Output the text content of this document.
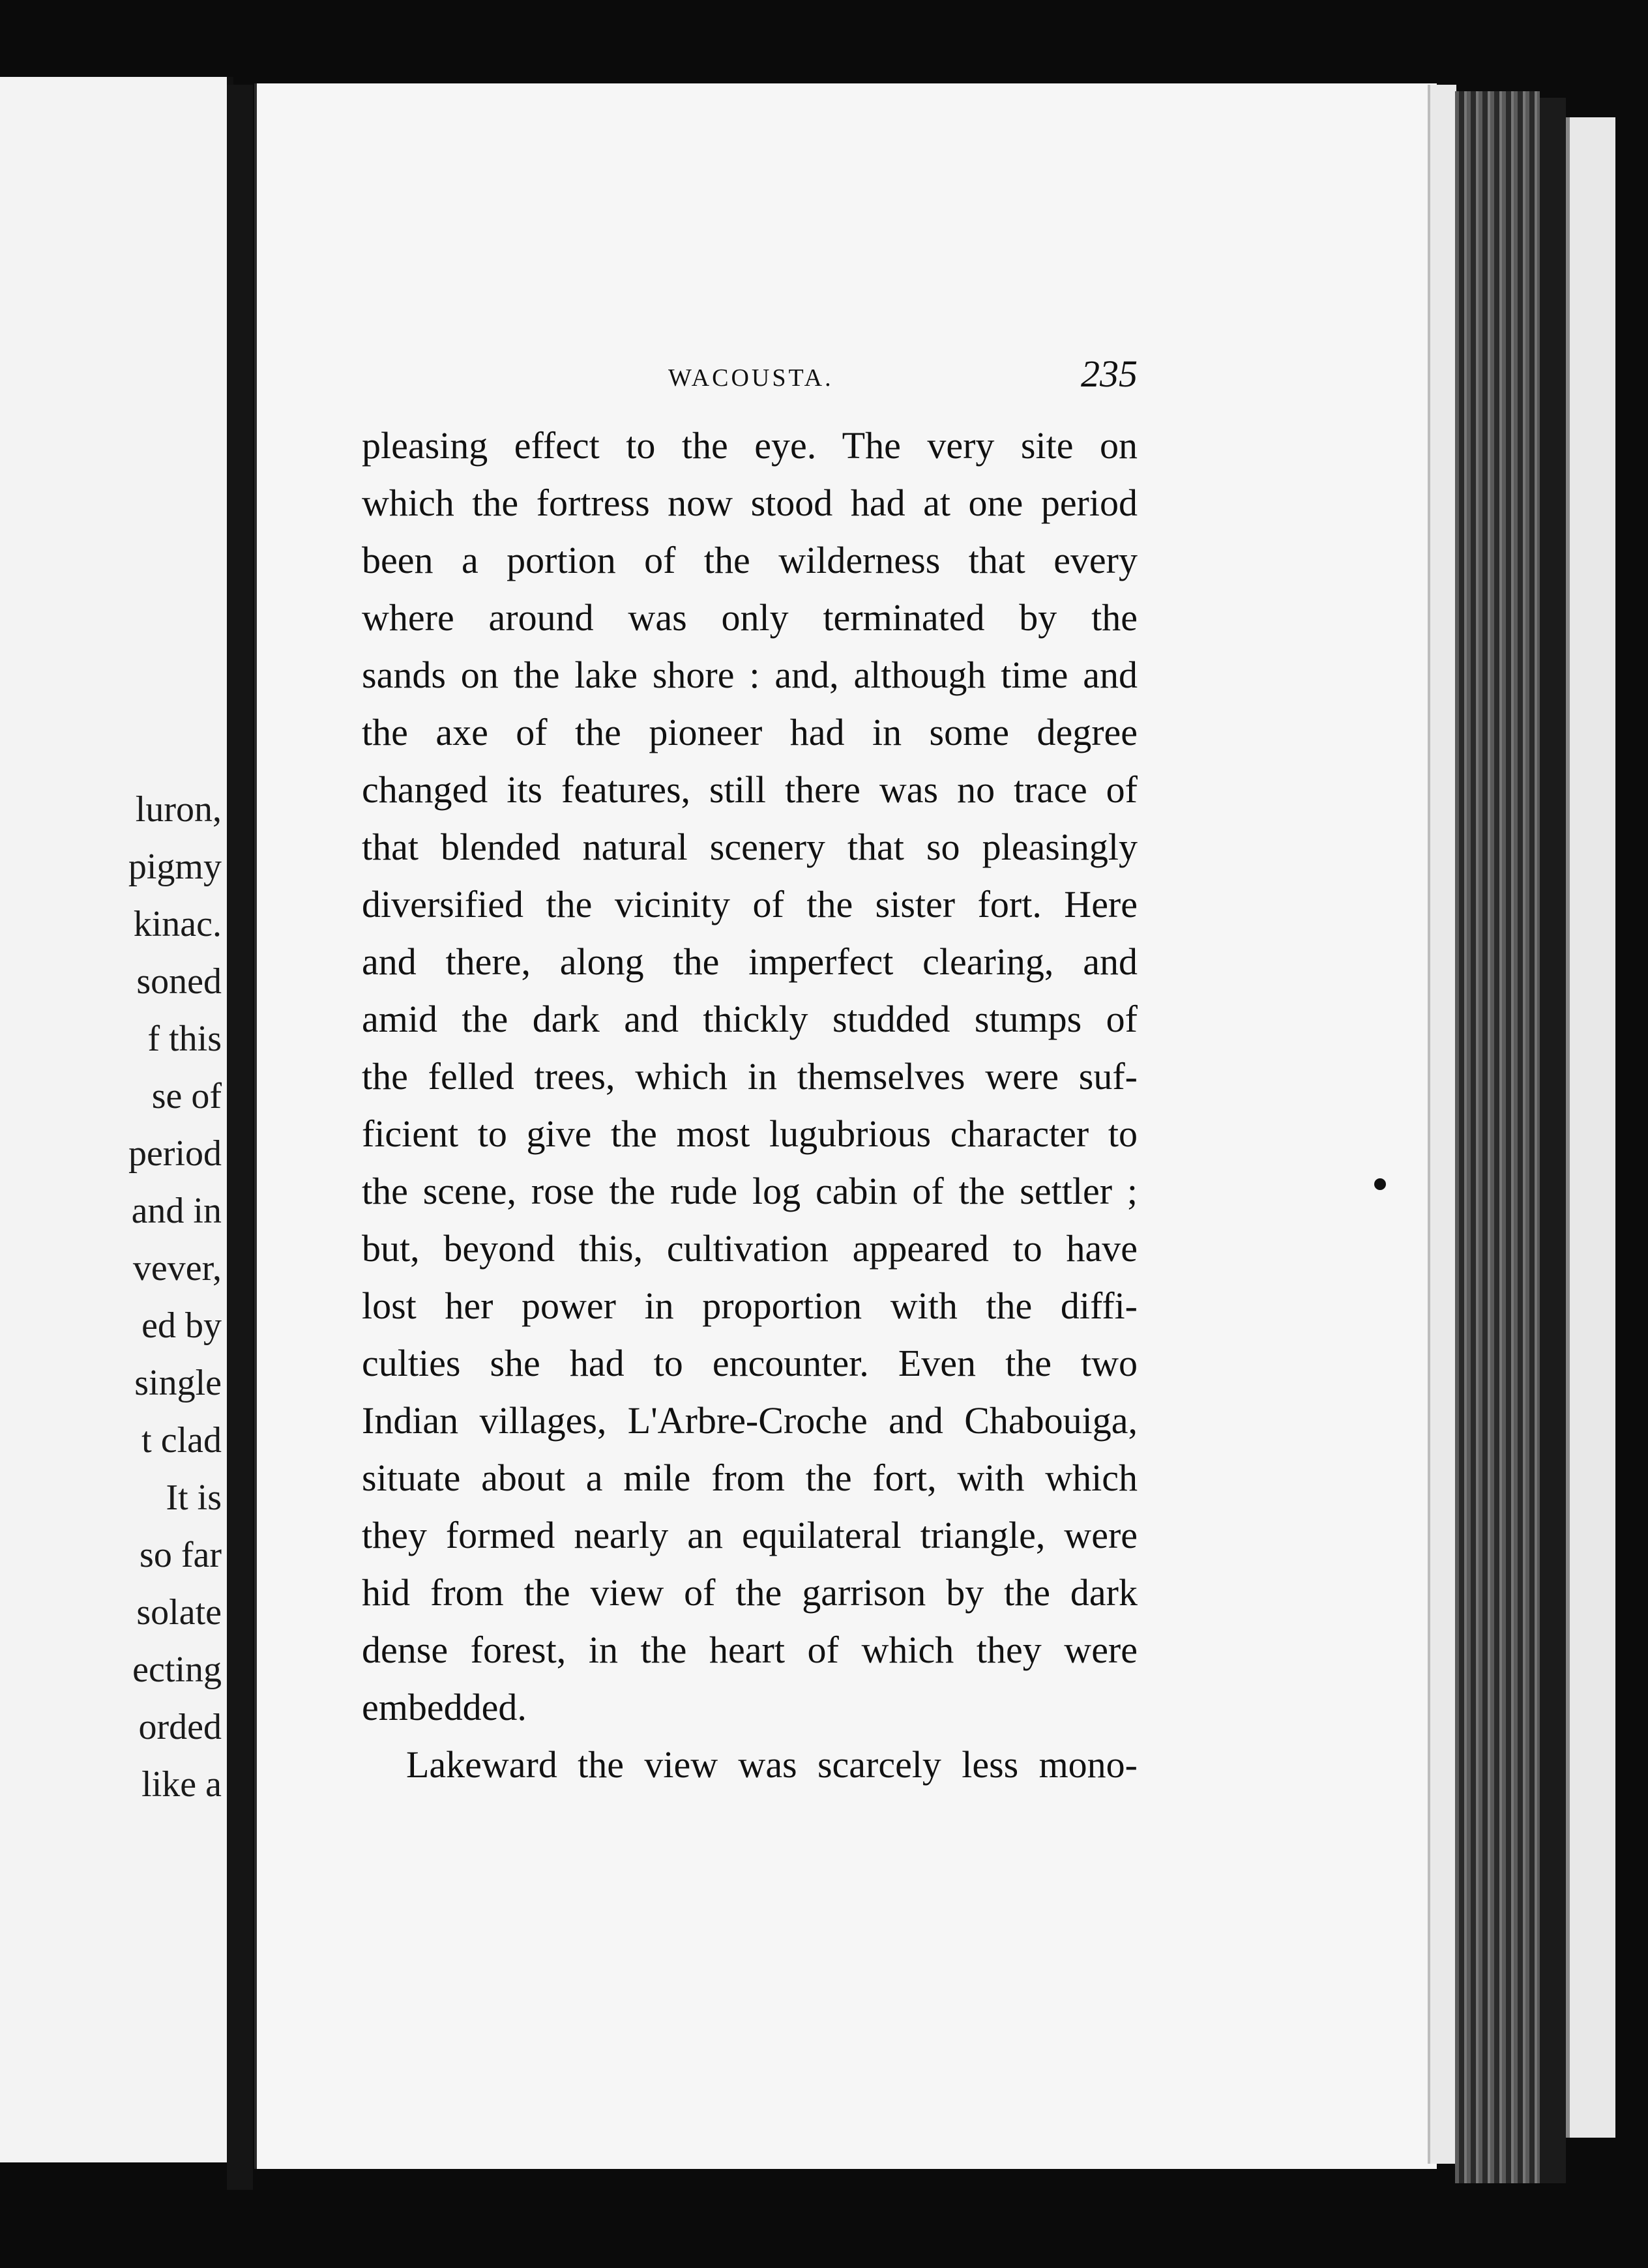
luron,
pigmy
kinac.
soned
f this
se of
period
and in
vever,
ed by
single
t clad
It is
so far
solate
ecting
orded
like a
WACOUSTA.	235
pleasing effect to the eye. The very site on
which the fortress now stood had at one period
been a portion of the wilderness that every
where around was only terminated by the
sands on the lake shore : and, although time and
the axe of the pioneer had in some degree
changed its features, still there was no trace of
that blended natural scenery that so pleasingly
diversified the vicinity of the sister fort. Here
and there, along the imperfect clearing, and
amid the dark and thickly studded stumps of
the felled trees, which in themselves were suf-
ficient to give the most lugubrious character to
the scene, rose the rude log cabin of the settler ;
but, beyond this, cultivation appeared to have
lost her power in proportion with the diffi-
culties she had to encounter. Even the two
Indian villages, L'Arbre-Croche and Chabouiga,
situate about a mile from the fort, with which
they formed nearly an equilateral triangle, were
hid from the view of the garrison by the dark
dense forest, in the heart of which they were
embedded.
Lakeward the view was scarcely less mono-
